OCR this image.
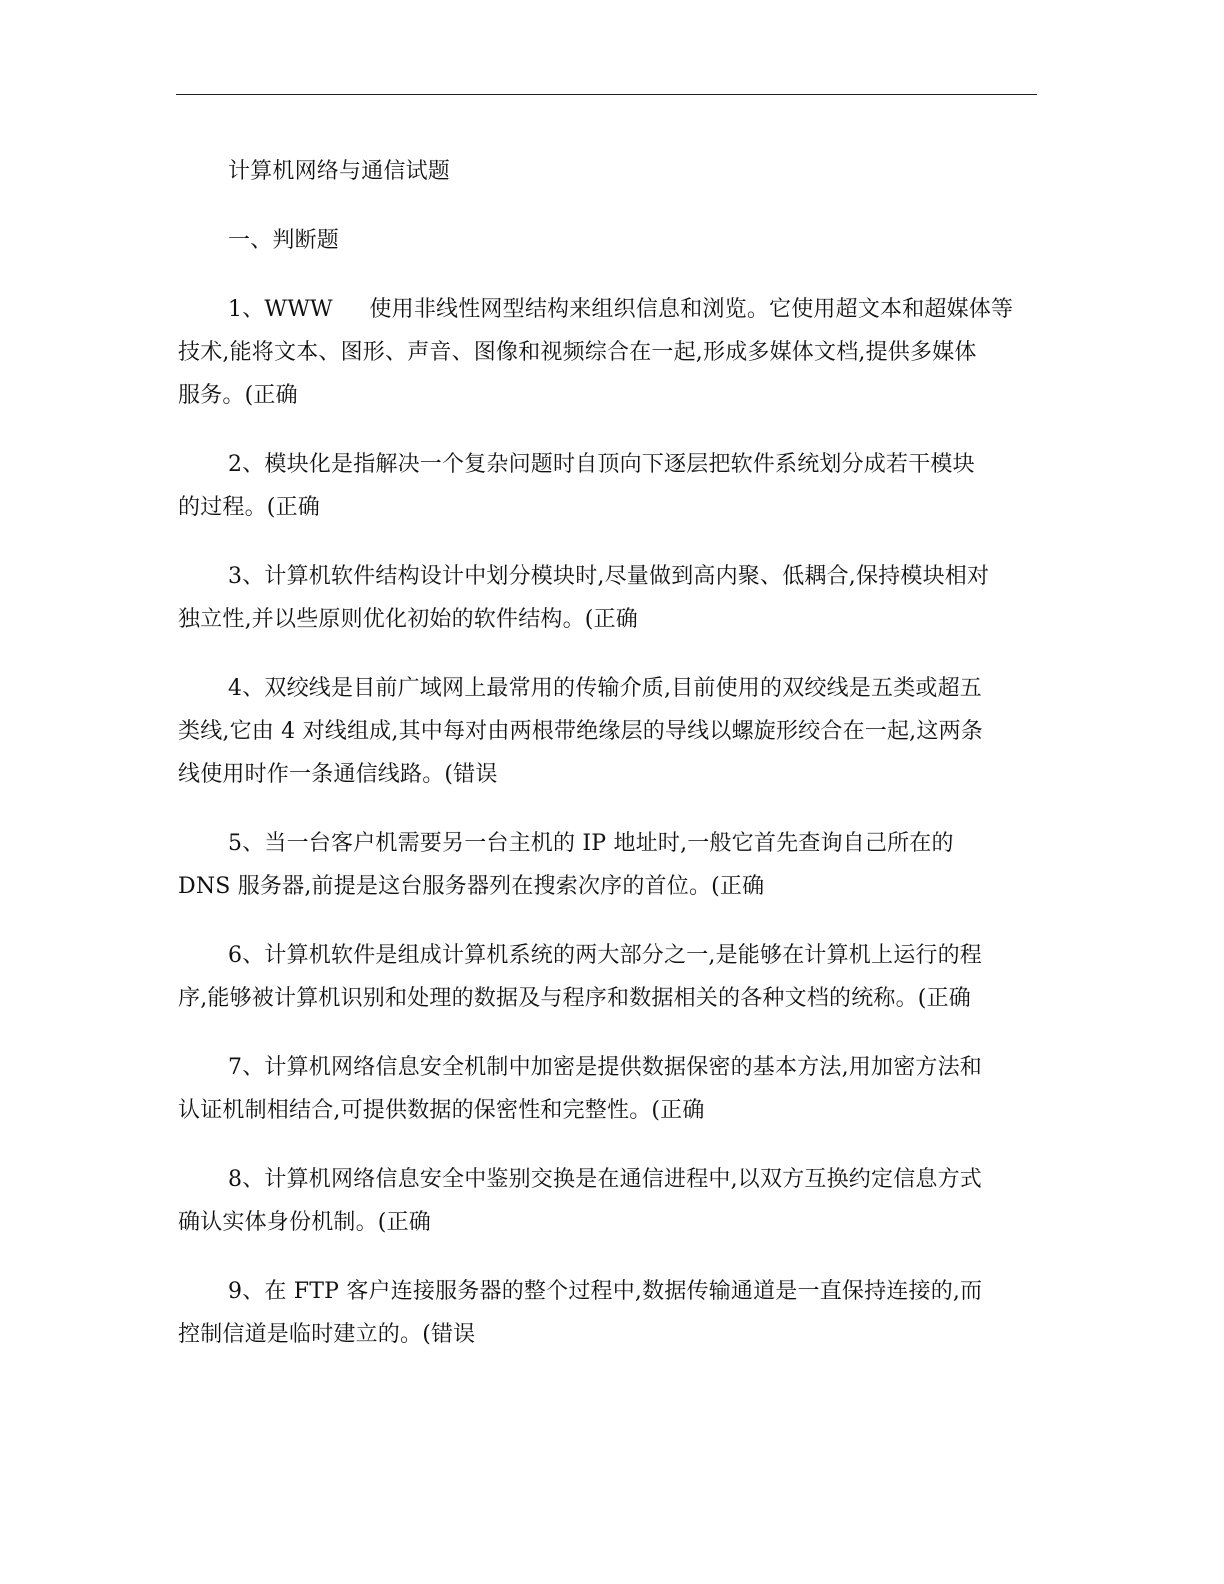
计算机网络与通信试题
一、判断题
1、WWW 　 使用非线性网型结构来组织信息和浏览。它使用超文本和超媒体等
技术,能将文本、图形、声音、图像和视频综合在一起,形成多媒体文档,提供多媒体
服务。(正确
2、模块化是指解决一个复杂问题时自顶向下逐层把软件系统划分成若干模块
的过程。(正确
3、计算机软件结构设计中划分模块时,尽量做到高内聚、低耦合,保持模块相对
独立性,并以些原则优化初始的软件结构。(正确
4、双绞线是目前广域网上最常用的传输介质,目前使用的双绞线是五类或超五
类线,它由 4 对线组成,其中每对由两根带绝缘层的导线以螺旋形绞合在一起,这两条
线使用时作一条通信线路。(错误
5、当一台客户机需要另一台主机的 IP 地址时,一般它首先查询自己所在的
DNS 服务器,前提是这台服务器列在搜索次序的首位。(正确
6、计算机软件是组成计算机系统的两大部分之一,是能够在计算机上运行的程
序,能够被计算机识别和处理的数据及与程序和数据相关的各种文档的统称。(正确
7、计算机网络信息安全机制中加密是提供数据保密的基本方法,用加密方法和
认证机制相结合,可提供数据的保密性和完整性。(正确
8、计算机网络信息安全中鉴别交换是在通信进程中,以双方互换约定信息方式
确认实体身份机制。(正确
9、在 FTP 客户连接服务器的整个过程中,数据传输通道是一直保持连接的,而
控制信道是临时建立的。(错误
